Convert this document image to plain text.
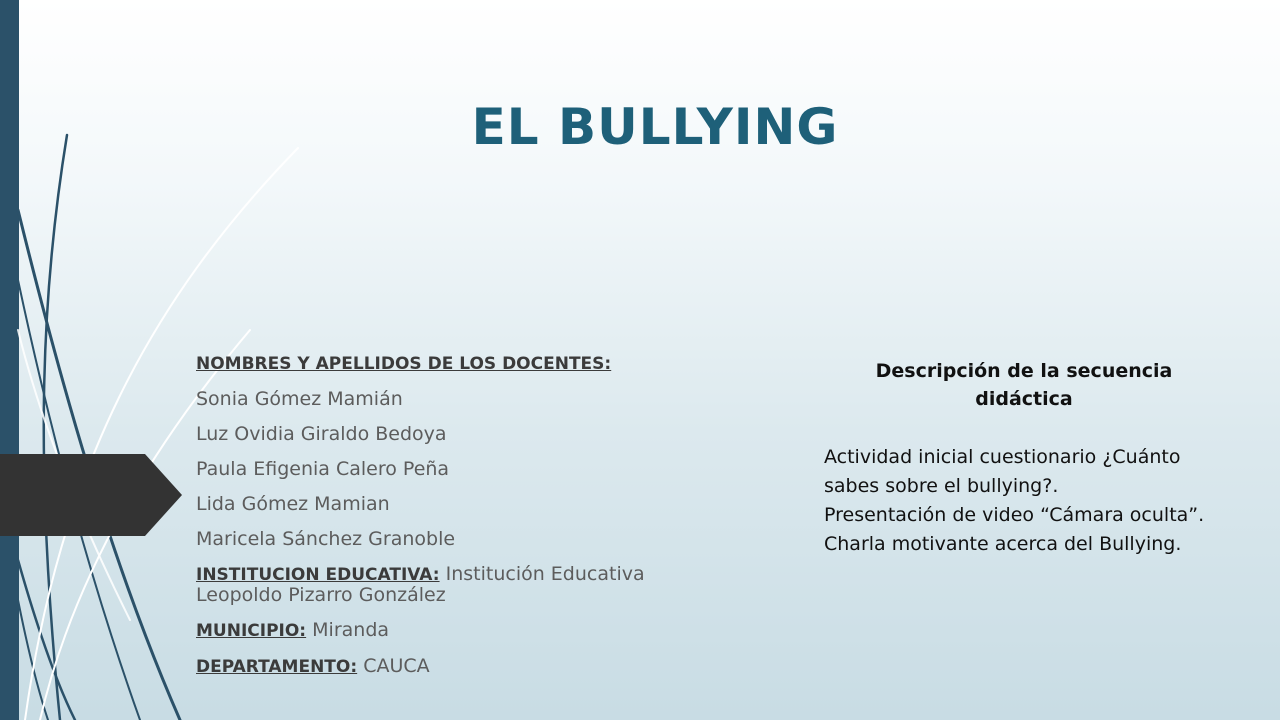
EL BULLYING
NOMBRES Y APELLIDOS DE LOS DOCENTES:
Sonia Gómez Mamián
Luz Ovidia Giraldo Bedoya
Paula Efigenia Calero Peña
Lida Gómez Mamian
Maricela Sánchez Granoble
INSTITUCION EDUCATIVA: Institución Educativa Leopoldo Pizarro González
MUNICIPIO: Miranda
DEPARTAMENTO: CAUCA
Descripción de la secuencia didáctica
Actividad inicial cuestionario ¿Cuánto sabes sobre el bullying?.
Presentación de video “Cámara oculta”.
Charla motivante acerca del Bullying.
